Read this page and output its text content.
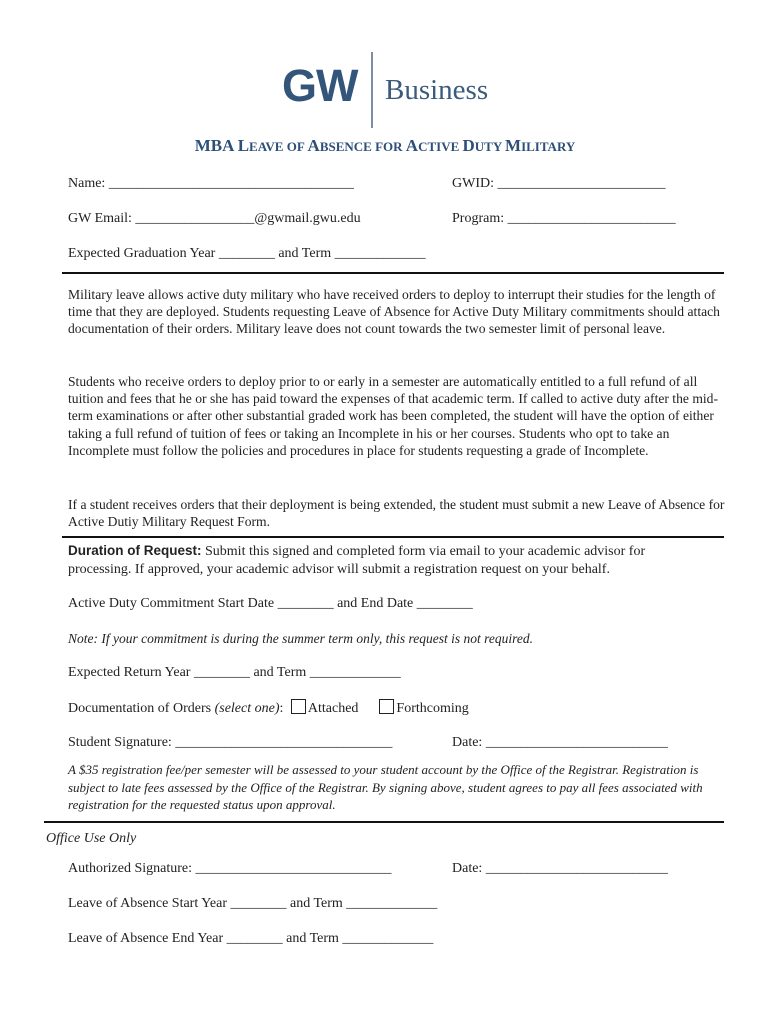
GW Business
MBA LEAVE OF ABSENCE FOR ACTIVE DUTY MILITARY
Name: ___________________________________	GWID: ________________________
GW Email: _________________@gwmail.gwu.edu	Program: ________________________
Expected Graduation Year ________ and Term _____________
Military leave allows active duty military who have received orders to deploy to interrupt their studies for the length of time that they are deployed. Students requesting Leave of Absence for Active Duty Military commitments should attach documentation of their orders. Military leave does not count towards the two semester limit of personal leave.
Students who receive orders to deploy prior to or early in a semester are automatically entitled to a full refund of all tuition and fees that he or she has paid toward the expenses of that academic term. If called to active duty after the mid-term examinations or after other substantial graded work has been completed, the student will have the option of either taking a full refund of tuition of fees or taking an Incomplete in his or her courses. Students who opt to take an Incomplete must follow the policies and procedures in place for students requesting a grade of Incomplete.
If a student receives orders that their deployment is being extended, the student must submit a new Leave of Absence for Active Dutiy Military Request Form.
Duration of Request: Submit this signed and completed form via email to your academic advisor for
processing. If approved, your academic advisor will submit a registration request on your behalf.
Active Duty Commitment Start Date ________ and End Date ________
Note: If your commitment is during the summer term only, this request is not required.
Expected Return Year ________ and Term _____________
Documentation of Orders (select one): Attached	Forthcoming
Student Signature: _______________________________	Date: __________________________
A $35 registration fee/per semester will be assessed to your student account by the Office of the Registrar. Registration is subject to late fees assessed by the Office of the Registrar. By signing above, student agrees to pay all fees associated with registration for the requested status upon approval.
Office Use Only
Authorized Signature: ____________________________	Date: __________________________
Leave of Absence Start Year ________ and Term _____________
Leave of Absence End Year ________ and Term _____________
